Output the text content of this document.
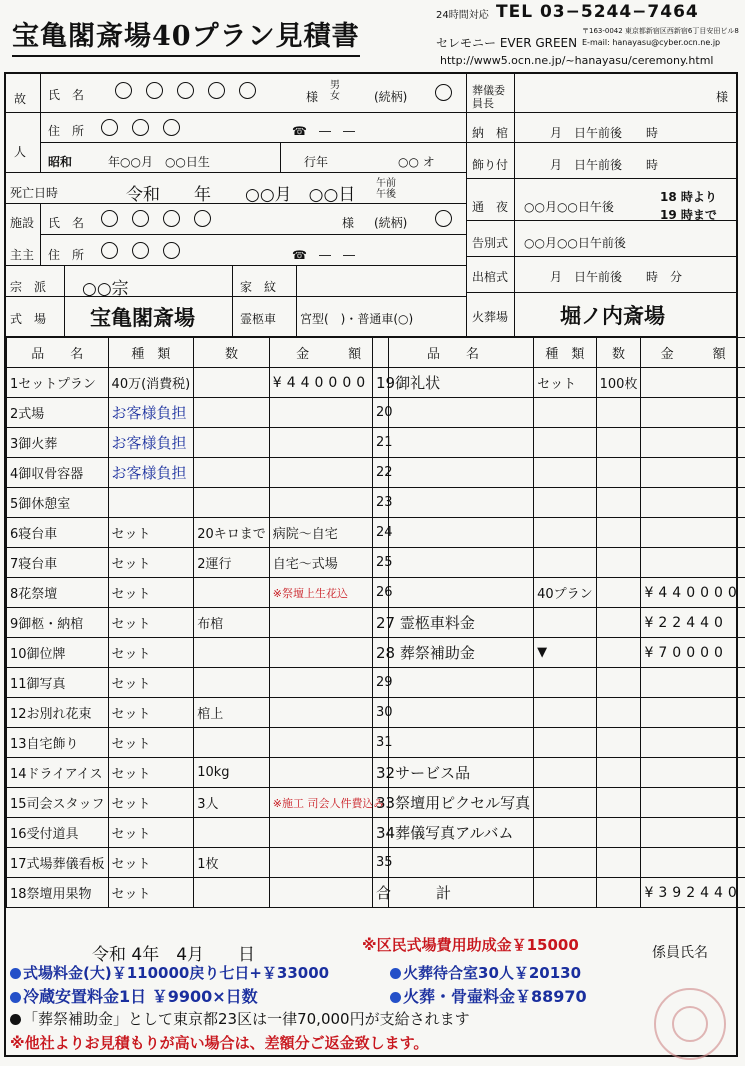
宝亀閣斎場40プラン見積書
24時間対応 TEL 03−5244−7464
セレモニー EVER GREEN
〒163-0042 東京都新宿区西新宿6丁目安田ビル8
E-mail: hanayasu@cyber.ocn.ne.jp
http://www5.ocn.ne.jp/~hanayasu/ceremony.html
故
人
氏　名	様
男女	(続柄)
住　所	☎　―　―
昭和	年○○月　○○日生	行年	○○ オ
死亡日時	令和　　年　　○○月　○○日
午前 午後
施設 氏　名	様 (続柄)
主主 住　所	☎　―　―
宗　派 ○○宗	家　紋
式　場 宝亀閣斎場	霊柩車 宮型(　)・普通車(○)
葬儀委員長	様
納　棺	月　日午前後　　時
飾り付	月　日午前後　　時
通　夜 ○○月○○日午後
18 時より
19 時まで
告別式 ○○月○○日午前後
出棺式	月　日午前後　　時　分
火葬場 堀ノ内斎場
品　　名	種　類	数	金　　　額
1セットプラン	40万(消費税)		¥440000
2式場	お客様負担		
3御火葬	お客様負担		
4御収骨容器	お客様負担		
5御休憩室			
6寝台車	セット	20キロまで	病院〜自宅
7寝台車	セット	2運行	自宅〜式場
8花祭壇	セット		※祭壇上生花込
9御柩・納棺	セット	布棺	
10御位牌	セット		
11御写真	セット		
12お別れ花束	セット	棺上	
13自宅飾り	セット		
14ドライアイス	セット	10kg	
15司会スタッフ	セット	3人	※施工 司会人件費込み
16受付道具	セット		
17式場葬儀看板	セット	1枚	
18祭壇用果物	セット		
品　　名	種　類	数	金　　　額
19御礼状	セット	100枚	
20			
21			
22			
23			
24			
25			
26	40プラン		¥440000
27 霊柩車料金			¥22440
28 葬祭補助金	▼		¥70000
29			
30			
31			
32サービス品			
33祭壇用ピクセル写真			
34葬儀写真アルバム			
35			
合　　　計			¥392440
令和 4年　4月　　日	※区民式場費用助成金￥15000	係員氏名
式場料金(大)￥110000戻り七日+￥33000	火葬待合室30人￥20130
冷蔵安置料金1日 ￥9900×日数	火葬・骨壷料金￥88970
「葬祭補助金」として東京都23区は一律70,000円が支給されます
※他社よりお見積もりが高い場合は、差額分ご返金致します。
